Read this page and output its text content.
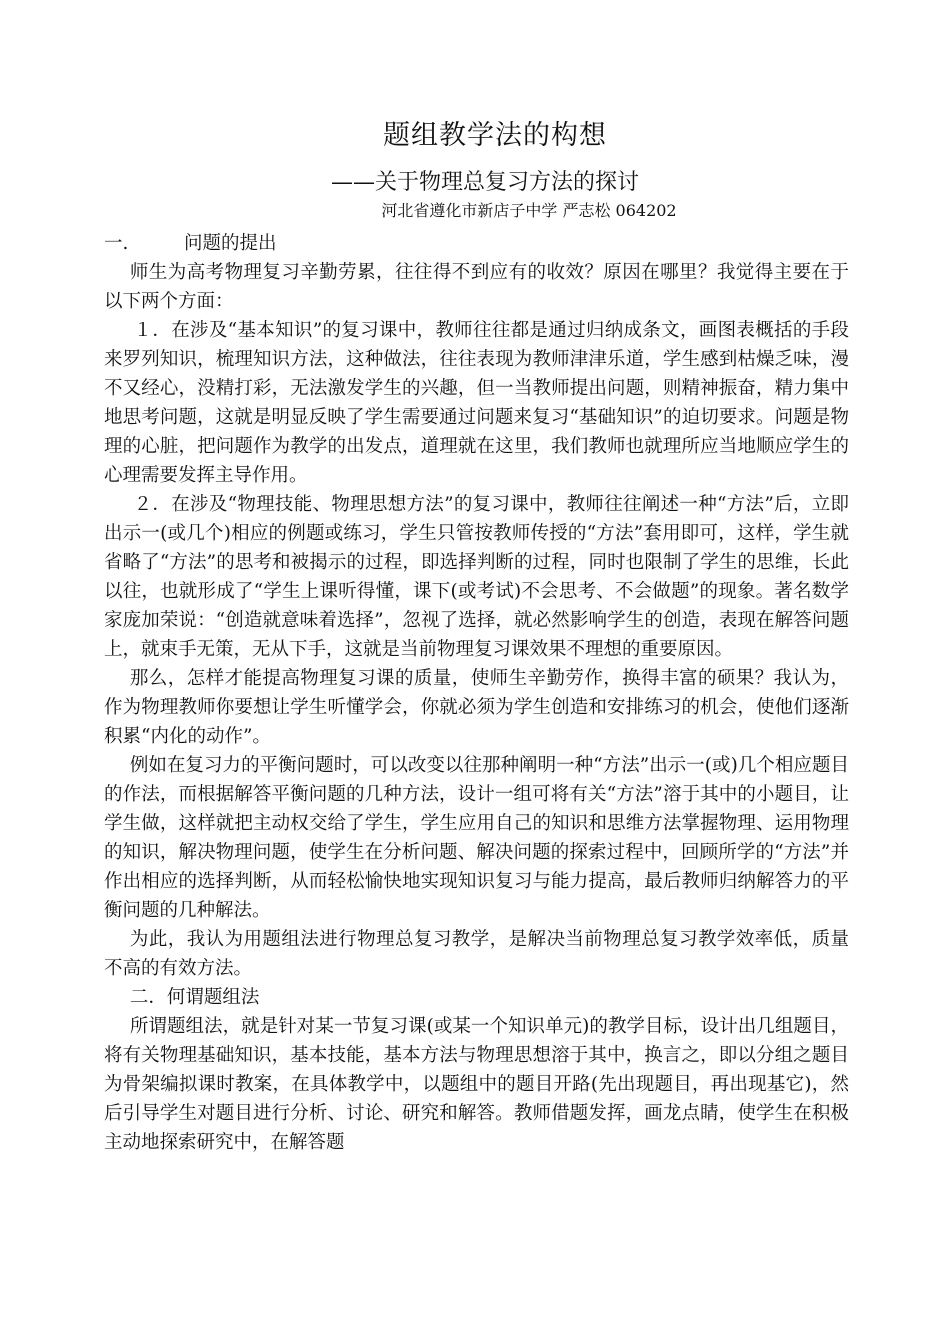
题组教学法的构想
——关于物理总复习方法的探讨
河北省遵化市新店子中学 严志松 064202

一.	问题的提出

师生为高考物理复习辛勤劳累，往往得不到应有的收效？原因在哪里？我觉得主要在于以下两个方面：

１．在涉及“基本知识”的复习课中，教师往往都是通过归纳成条文，画图表概括的手段来罗列知识，梳理知识方法，这种做法，往往表现为教师津津乐道，学生感到枯燥乏味，漫不又经心，没精打彩，无法激发学生的兴趣，但一当教师提出问题，则精神振奋，精力集中地思考问题，这就是明显反映了学生需要通过问题来复习“基础知识”的迫切要求。问题是物理的心脏，把问题作为教学的出发点，道理就在这里，我们教师也就理所应当地顺应学生的心理需要发挥主导作用。

２．在涉及“物理技能、物理思想方法”的复习课中，教师往往阐述一种“方法”后，立即出示一(或几个)相应的例题或练习，学生只管按教师传授的“方法”套用即可，这样，学生就省略了“方法”的思考和被揭示的过程，即选择判断的过程，同时也限制了学生的思维，长此以往，也就形成了“学生上课听得懂，课下(或考试)不会思考、不会做题”的现象。著名数学家庞加荣说：“创造就意味着选择”，忽视了选择，就必然影响学生的创造，表现在解答问题上，就束手无策，无从下手，这就是当前物理复习课效果不理想的重要原因。

那么，怎样才能提高物理复习课的质量，使师生辛勤劳作，换得丰富的硕果？我认为，作为物理教师你要想让学生听懂学会，你就必须为学生创造和安排练习的机会，使他们逐渐积累“内化的动作”。

例如在复习力的平衡问题时，可以改变以往那种阐明一种“方法”出示一(或)几个相应题目的作法，而根据解答平衡问题的几种方法，设计一组可将有关“方法”溶于其中的小题目，让学生做，这样就把主动权交给了学生，学生应用自己的知识和思维方法掌握物理、运用物理的知识，解决物理问题，使学生在分析问题、解决问题的探索过程中，回顾所学的“方法”并作出相应的选择判断，从而轻松愉快地实现知识复习与能力提高，最后教师归纳解答力的平衡问题的几种解法。

为此，我认为用题组法进行物理总复习教学，是解决当前物理总复习教学效率低，质量不高的有效方法。

二．何谓题组法

所谓题组法，就是针对某一节复习课(或某一个知识单元)的教学目标，设计出几组题目，将有关物理基础知识，基本技能，基本方法与物理思想溶于其中，换言之，即以分组之题目为骨架编拟课时教案，在具体教学中，以题组中的题目开路(先出现题目，再出现基它)，然后引导学生对题目进行分析、讨论、研究和解答。教师借题发挥，画龙点睛，使学生在积极主动地探索研究中，在解答题
